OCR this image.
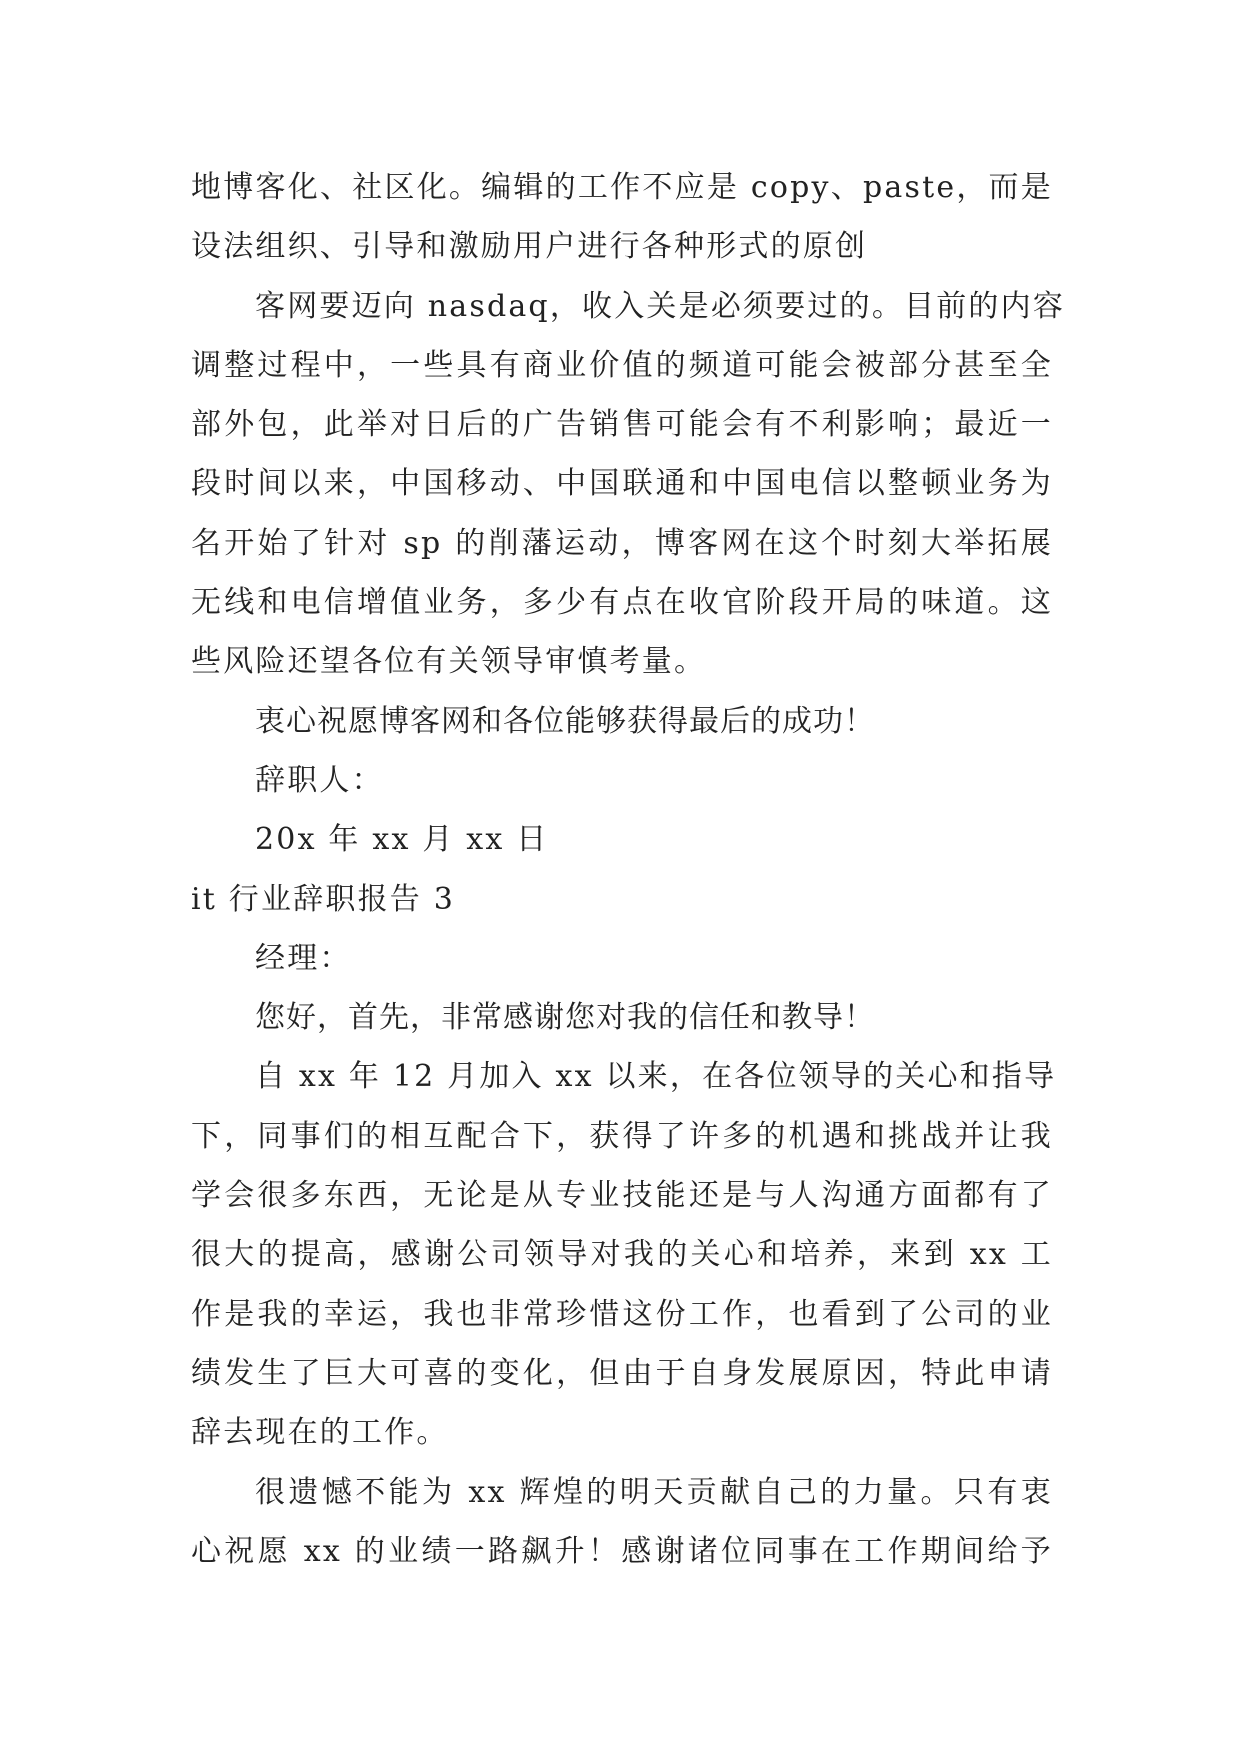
地博客化、社区化。编辑的工作不应是 copy、paste，而是
设法组织、引导和激励用户进行各种形式的原创
客网要迈向 nasdaq，收入关是必须要过的。目前的内容
调整过程中，一些具有商业价值的频道可能会被部分甚至全
部外包，此举对日后的广告销售可能会有不利影响；最近一
段时间以来，中国移动、中国联通和中国电信以整顿业务为
名开始了针对 sp 的削藩运动，博客网在这个时刻大举拓展
无线和电信增值业务，多少有点在收官阶段开局的味道。这
些风险还望各位有关领导审慎考量。
衷心祝愿博客网和各位能够获得最后的成功！
辞职人：
20x 年 xx 月 xx 日
it 行业辞职报告 3
经理：
您好，首先，非常感谢您对我的信任和教导！
自 xx 年 12 月加入 xx 以来，在各位领导的关心和指导
下，同事们的相互配合下，获得了许多的机遇和挑战并让我
学会很多东西，无论是从专业技能还是与人沟通方面都有了
很大的提高，感谢公司领导对我的关心和培养，来到 xx 工
作是我的幸运，我也非常珍惜这份工作，也看到了公司的业
绩发生了巨大可喜的变化，但由于自身发展原因，特此申请
辞去现在的工作。
很遗憾不能为 xx 辉煌的明天贡献自己的力量。只有衷
心祝愿 xx 的业绩一路飙升！感谢诸位同事在工作期间给予
